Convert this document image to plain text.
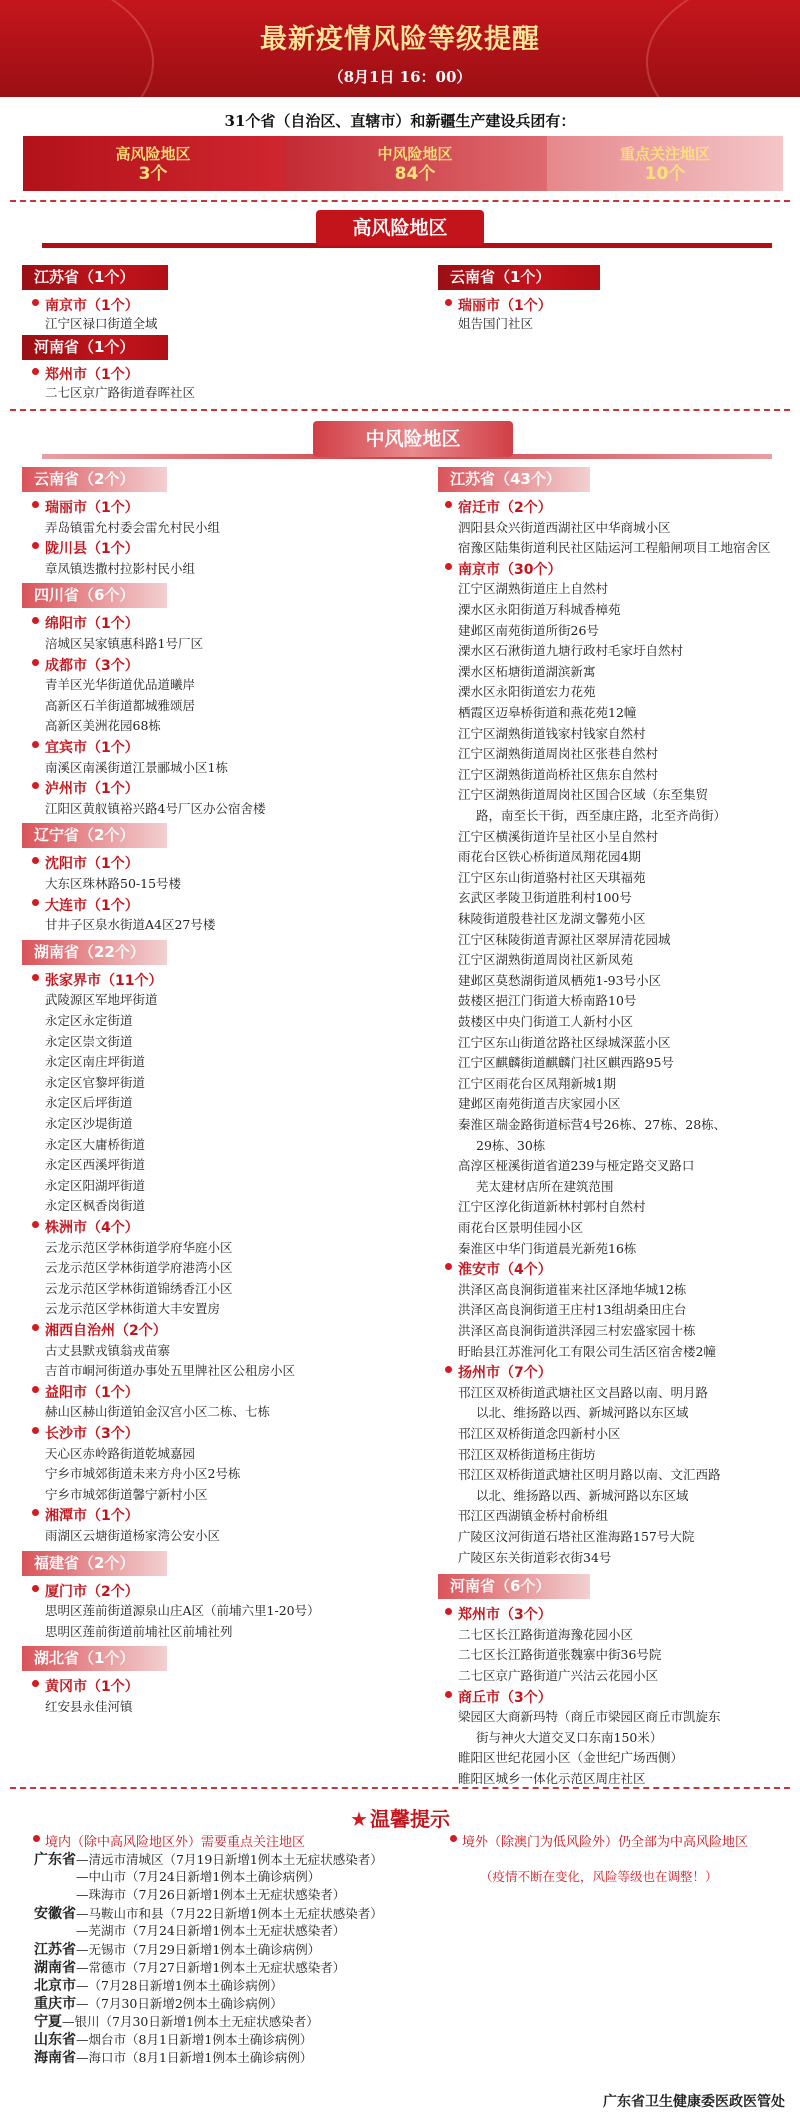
最新疫情风险等级提醒
（8月1日 16：00）
31个省（自治区、直辖市）和新疆生产建设兵团有：
高风险地区
3个
中风险地区
84个
重点关注地区
10个
高风险地区
江苏省（1个）
南京市（1个）
江宁区禄口街道全域
河南省（1个）
郑州市（1个）
二七区京广路街道春晖社区
云南省（1个）
瑞丽市（1个）
姐告国门社区
中风险地区
云南省（2个）
瑞丽市（1个）
弄岛镇雷允村委会雷允村民小组
陇川县（1个）
章凤镇迭撒村拉影村民小组
四川省（6个）
绵阳市（1个）
涪城区吴家镇惠科路1号厂区
成都市（3个）
青羊区光华街道优品道曦岸
高新区石羊街道都城雅颂居
高新区美洲花园68栋
宜宾市（1个）
南溪区南溪街道江景郦城小区1栋
泸州市（1个）
江阳区黄舣镇裕兴路4号厂区办公宿舍楼
辽宁省（2个）
沈阳市（1个）
大东区珠林路50-15号楼
大连市（1个）
甘井子区泉水街道A4区27号楼
湖南省（22个）
张家界市（11个）
武陵源区军地坪街道
永定区永定街道
永定区崇文街道
永定区南庄坪街道
永定区官黎坪街道
永定区后坪街道
永定区沙堤街道
永定区大庸桥街道
永定区西溪坪街道
永定区阳湖坪街道
永定区枫香岗街道
株洲市（4个）
云龙示范区学林街道学府华庭小区
云龙示范区学林街道学府港湾小区
云龙示范区学林街道锦绣香江小区
云龙示范区学林街道大丰安置房
湘西自治州（2个）
古丈县默戎镇翁戎苗寨
吉首市峒河街道办事处五里牌社区公租房小区
益阳市（1个）
赫山区赫山街道铂金汉宫小区二栋、七栋
长沙市（3个）
天心区赤岭路街道乾城嘉园
宁乡市城郊街道未来方舟小区2号栋
宁乡市城郊街道馨宁新村小区
湘潭市（1个）
雨湖区云塘街道杨家湾公安小区
福建省（2个）
厦门市（2个）
思明区莲前街道源泉山庄A区（前埔六里1-20号）
思明区莲前街道前埔社区前埔社列
湖北省（1个）
黄冈市（1个）
红安县永佳河镇
江苏省（43个）
宿迁市（2个）
泗阳县众兴街道西湖社区中华商城小区
宿豫区陆集街道利民社区陆运河工程船闸项目工地宿舍区
南京市（30个）
江宁区湖熟街道庄上自然村
溧水区永阳街道万科城香樟苑
建邺区南苑街道所街26号
溧水区石湫街道九塘行政村毛家圩自然村
溧水区柘塘街道湖滨新寓
溧水区永阳街道宏力花苑
栖霞区迈皋桥街道和燕花苑12幢
江宁区湖熟街道钱家村钱家自然村
江宁区湖熟街道周岗社区张巷自然村
江宁区湖熟街道尚桥社区焦东自然村
江宁区湖熟街道周岗社区国合区域（东至集贸
路，南至长干街，西至康庄路，北至齐尚街）
江宁区横溪街道许呈社区小呈自然村
雨花台区铁心桥街道凤翔花园4期
江宁区东山街道骆村社区天琪福苑
玄武区孝陵卫街道胜利村100号
秣陵街道殷巷社区龙湖文馨苑小区
江宁区秣陵街道青源社区翠屏清花园城
江宁区湖熟街道周岗社区新凤苑
建邺区莫愁湖街道凤栖苑1-93号小区
鼓楼区挹江门街道大桥南路10号
鼓楼区中央门街道工人新村小区
江宁区东山街道岔路社区绿城深蓝小区
江宁区麒麟街道麒麟门社区麒西路95号
江宁区雨花台区凤翔新城1期
建邺区南苑街道吉庆家园小区
秦淮区瑞金路街道标营4号26栋、27栋、28栋、
29栋、30栋
高淳区桠溪街道省道239与桠定路交叉路口
芜太建材店所在建筑范围
江宁区淳化街道新林村郭村自然村
雨花台区景明佳园小区
秦淮区中华门街道晨光新苑16栋
淮安市（4个）
洪泽区高良涧街道崔来社区泽地华城12栋
洪泽区高良涧街道王庄村13组胡桑田庄台
洪泽区高良涧街道洪泽园三村宏盛家园十栋
盱眙县江苏淮河化工有限公司生活区宿舍楼2幢
扬州市（7个）
邗江区双桥街道武塘社区文昌路以南、明月路
以北、维扬路以西、新城河路以东区域
邗江区双桥街道念四新村小区
邗江区双桥街道杨庄街坊
邗江区双桥街道武塘社区明月路以南、文汇西路
以北、维扬路以西、新城河路以东区域
邗江区西湖镇金桥村俞桥组
广陵区汶河街道石塔社区淮海路157号大院
广陵区东关街道彩衣街34号
河南省（6个）
郑州市（3个）
二七区长江路街道海豫花园小区
二七区长江路街道张魏寨中街36号院
二七区京广路街道广兴沽云花园小区
商丘市（3个）
梁园区大商新玛特（商丘市梁园区商丘市凯旋东
街与神火大道交叉口东南150米）
睢阳区世纪花园小区（金世纪广场西侧）
睢阳区城乡一体化示范区周庄社区
★ 温馨提示
境内（除中高风险地区外）需要重点关注地区
广东省—清远市清城区（7月19日新增1例本土无症状感染者）
—中山市（7月24日新增1例本土确诊病例）
—珠海市（7月26日新增1例本土无症状感染者）
安徽省—马鞍山市和县（7月22日新增1例本土无症状感染者）
—芜湖市（7月24日新增1例本土无症状感染者）
江苏省—无锡市（7月29日新增1例本土确诊病例）
湖南省—常德市（7月27日新增1例本土无症状感染者）
北京市—（7月28日新增1例本土确诊病例）
重庆市—（7月30日新增2例本土确诊病例）
宁夏—银川（7月30日新增1例本土无症状感染者）
山东省—烟台市（8月1日新增1例本土确诊病例）
海南省—海口市（8月1日新增1例本土确诊病例）
境外（除澳门为低风险外）仍全部为中高风险地区
（疫情不断在变化，风险等级也在调整！）
广东省卫生健康委医政医管处
